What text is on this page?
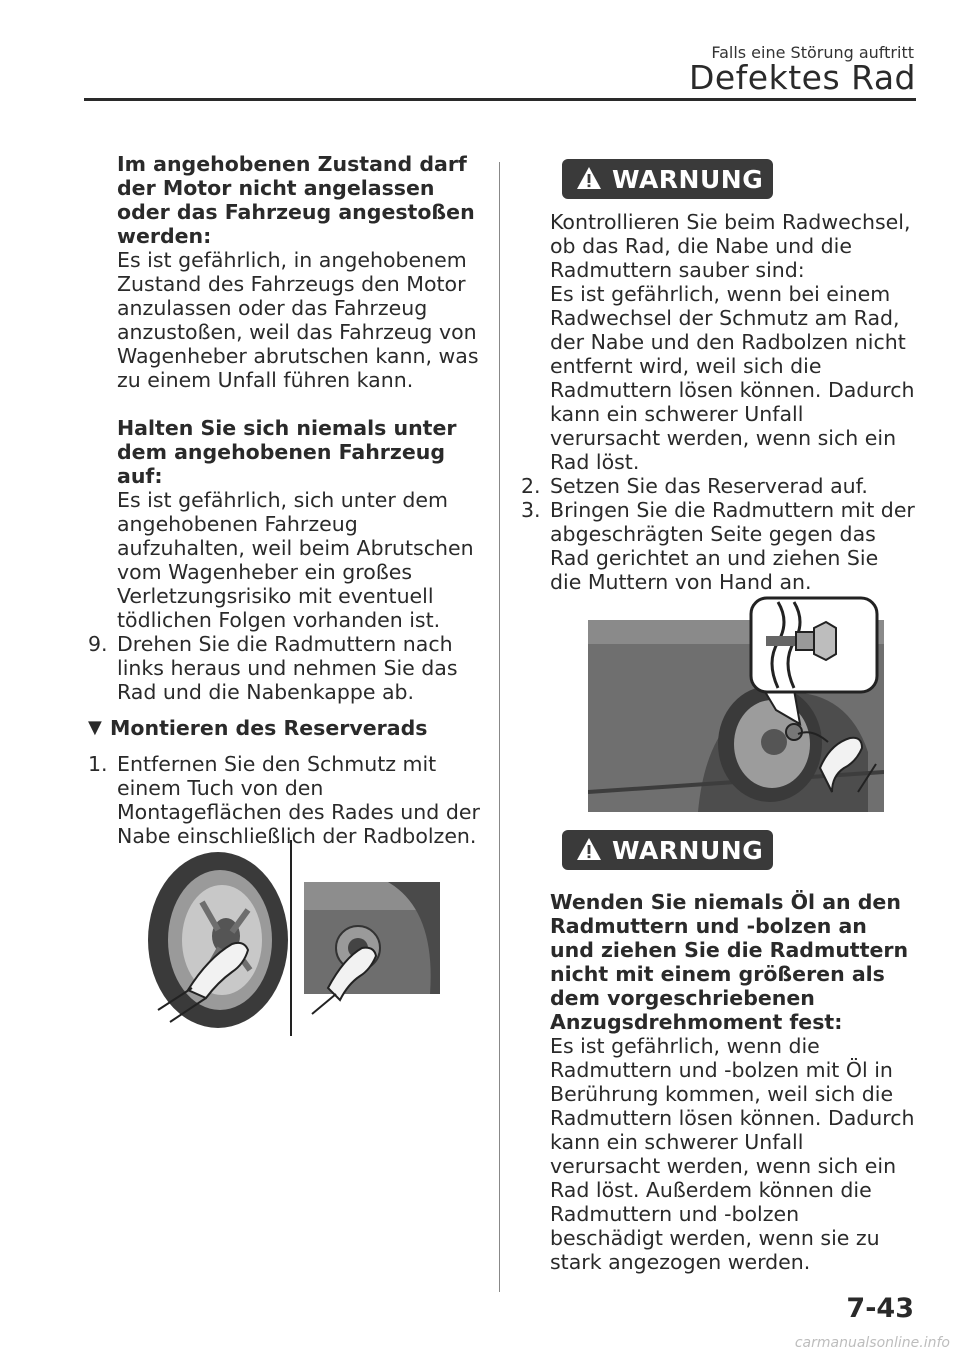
Falls eine Störung auftritt
Defektes Rad
Im angehobenen Zustand darf der Motor nicht angelassen oder das Fahrzeug angestoßen werden:
Es ist gefährlich, in angehobenem Zustand des Fahrzeugs den Motor anzulassen oder das Fahrzeug anzustoßen, weil das Fahrzeug von Wagenheber abrutschen kann, was zu einem Unfall führen kann.
Halten Sie sich niemals unter dem angehobenen Fahrzeug auf:
Es ist gefährlich, sich unter dem angehobenen Fahrzeug aufzuhalten, weil beim Abrutschen vom Wagenheber ein großes Verletzungsrisiko mit eventuell tödlichen Folgen vorhanden ist.
9. Drehen Sie die Radmuttern nach links heraus und nehmen Sie das Rad und die Nabenkappe ab.
▼ Montieren des Reserverads
1. Entfernen Sie den Schmutz mit einem Tuch von den Montageflächen des Rades und der Nabe einschließlich der Radbolzen.
WARNUNG
Kontrollieren Sie beim Radwechsel, ob das Rad, die Nabe und die Radmuttern sauber sind:
Es ist gefährlich, wenn bei einem Radwechsel der Schmutz am Rad, der Nabe und den Radbolzen nicht entfernt wird, weil sich die Radmuttern lösen können. Dadurch kann ein schwerer Unfall verursacht werden, wenn sich ein Rad löst.
2. Setzen Sie das Reserverad auf.
3. Bringen Sie die Radmuttern mit der abgeschrägten Seite gegen das Rad gerichtet an und ziehen Sie die Muttern von Hand an.
WARNUNG
Wenden Sie niemals Öl an den Radmuttern und -bolzen an und ziehen Sie die Radmuttern nicht mit einem größeren als dem vorgeschriebenen Anzugsdrehmoment fest:
Es ist gefährlich, wenn die Radmuttern und -bolzen mit Öl in Berührung kommen, weil sich die Radmuttern lösen können. Dadurch kann ein schwerer Unfall verursacht werden, wenn sich ein Rad löst. Außerdem können die Radmuttern und -bolzen beschädigt werden, wenn sie zu stark angezogen werden.
7-43
carmanualsonline.info
